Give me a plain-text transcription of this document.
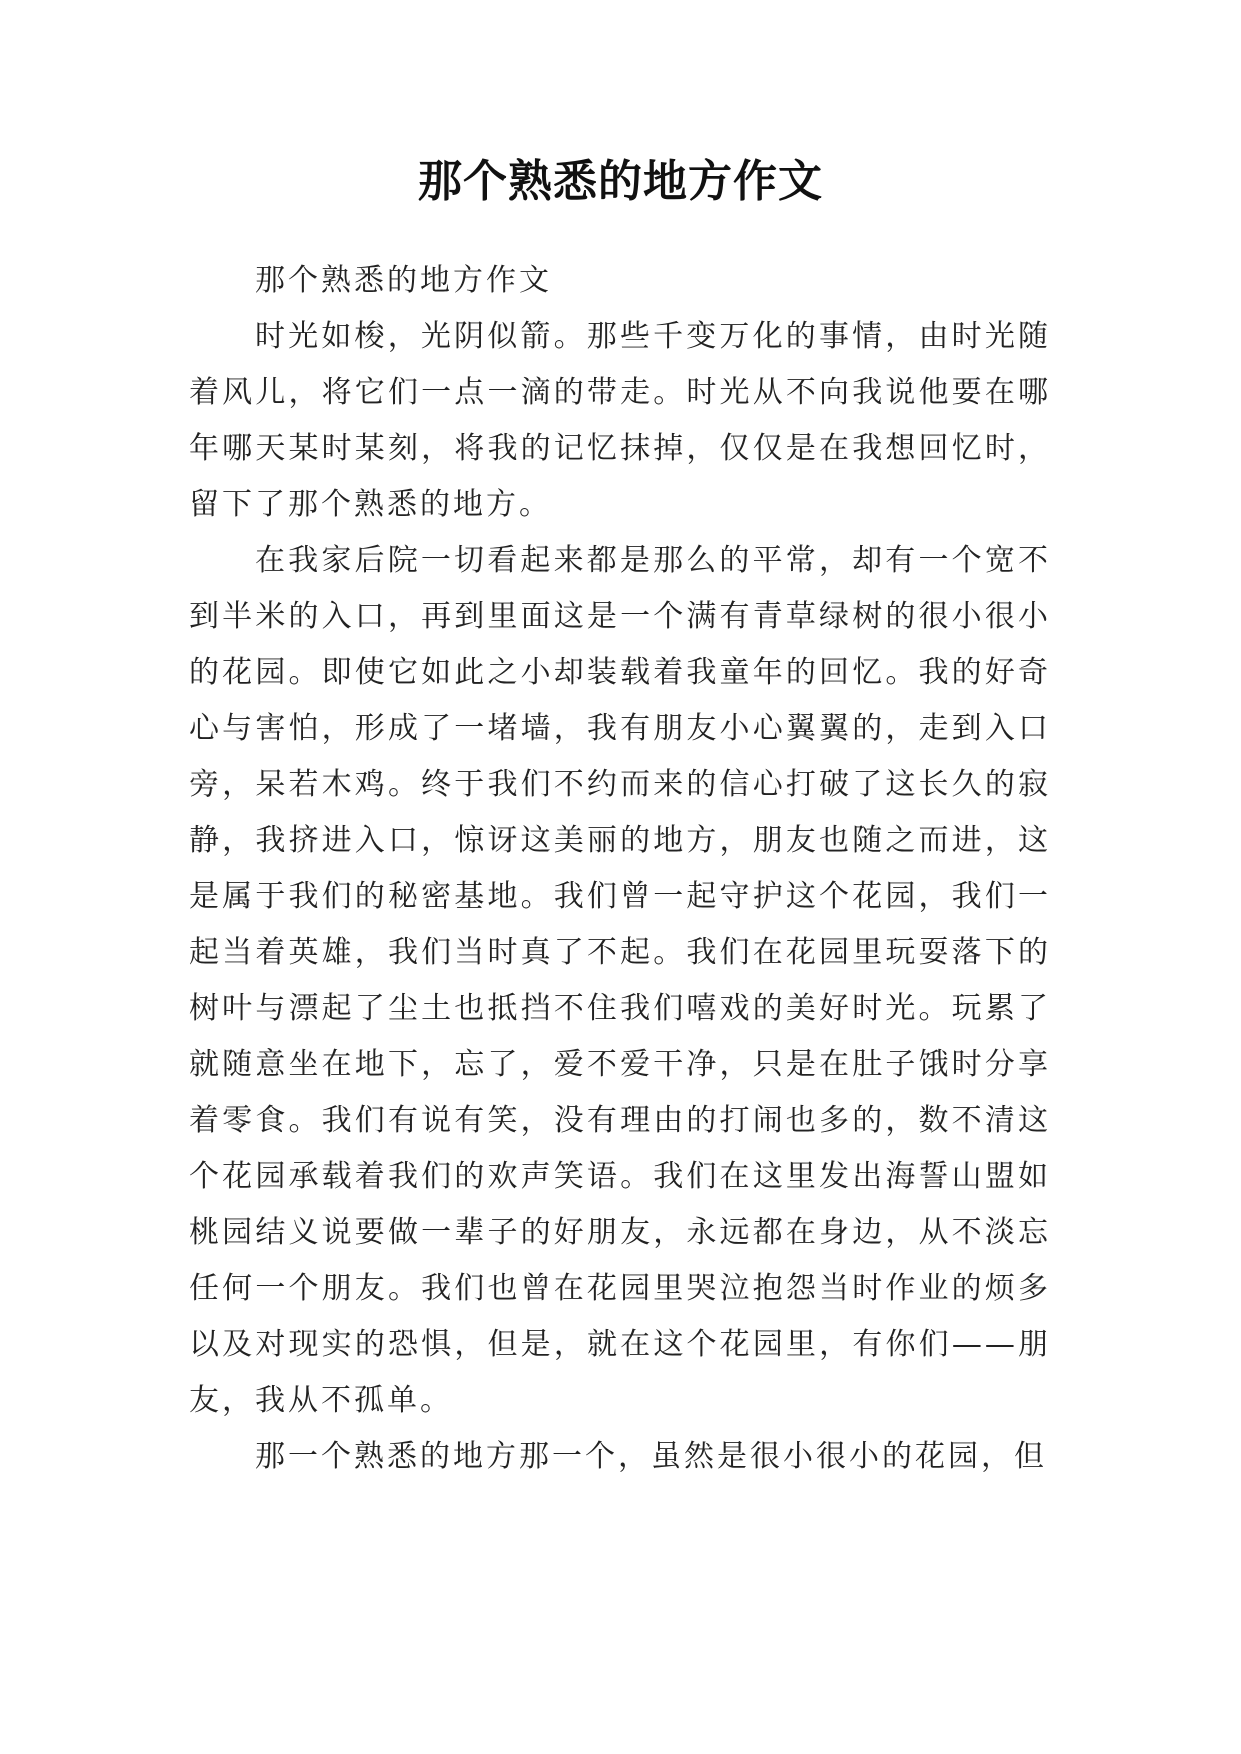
那个熟悉的地方作文

那个熟悉的地方作文

时光如梭，光阴似箭。那些千变万化的事情，由时光随着风儿，将它们一点一滴的带走。时光从不向我说他要在哪年哪天某时某刻，将我的记忆抹掉，仅仅是在我想回忆时，留下了那个熟悉的地方。

在我家后院一切看起来都是那么的平常，却有一个宽不到半米的入口，再到里面这是一个满有青草绿树的很小很小的花园。即使它如此之小却装载着我童年的回忆。我的好奇心与害怕，形成了一堵墙，我有朋友小心翼翼的，走到入口旁，呆若木鸡。终于我们不约而来的信心打破了这长久的寂静，我挤进入口，惊讶这美丽的地方，朋友也随之而进，这是属于我们的秘密基地。我们曾一起守护这个花园，我们一起当着英雄，我们当时真了不起。我们在花园里玩耍落下的树叶与漂起了尘土也抵挡不住我们嘻戏的美好时光。玩累了就随意坐在地下，忘了，爱不爱干净，只是在肚子饿时分享着零食。我们有说有笑，没有理由的打闹也多的，数不清这个花园承载着我们的欢声笑语。我们在这里发出海誓山盟如桃园结义说要做一辈子的好朋友，永远都在身边，从不淡忘任何一个朋友。我们也曾在花园里哭泣抱怨当时作业的烦多以及对现实的恐惧，但是，就在这个花园里，有你们——朋友，我从不孤单。

那一个熟悉的地方那一个，虽然是很小很小的花园，但
